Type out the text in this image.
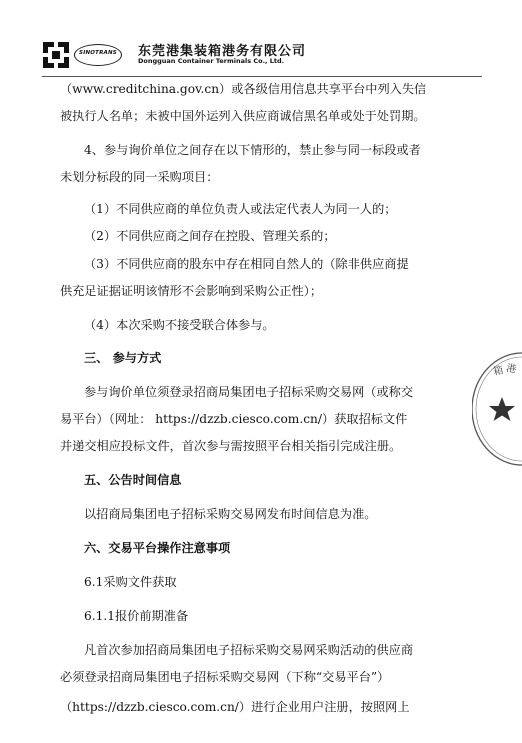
SINOTRANS	东莞港集装箱港务有限公司
Dongguan Container Terminals Co., Ltd.
（www.creditchina.gov.cn）或各级信用信息共享平台中列入失信
被执行人名单；未被中国外运列入供应商诚信黑名单或处于处罚期。
4、参与询价单位之间存在以下情形的，禁止参与同一标段或者
未划分标段的同一采购项目：
（1）不同供应商的单位负责人或法定代表人为同一人的；
（2）不同供应商之间存在控股、管理关系的；
（3）不同供应商的股东中存在相同自然人的（除非供应商提
供充足证据证明该情形不会影响到采购公正性）；
（4）本次采购不接受联合体参与。
三、 参与方式
参与询价单位须登录招商局集团电子招标采购交易网（或称交
易平台）（网址： https://dzzb.ciesco.com.cn/）获取招标文件
并递交相应投标文件，首次参与需按照平台相关指引完成注册。
五、公告时间信息
以招商局集团电子招标采购交易网发布时间信息为准。
六、交易平台操作注意事项
6.1采购文件获取
6.1.1报价前期准备
凡首次参加招商局集团电子招标采购交易网采购活动的供应商
必须登录招商局集团电子招标采购交易网（下称“交易平台”）
（https://dzzb.ciesco.com.cn/）进行企业用户注册，按照网上
箱 港
